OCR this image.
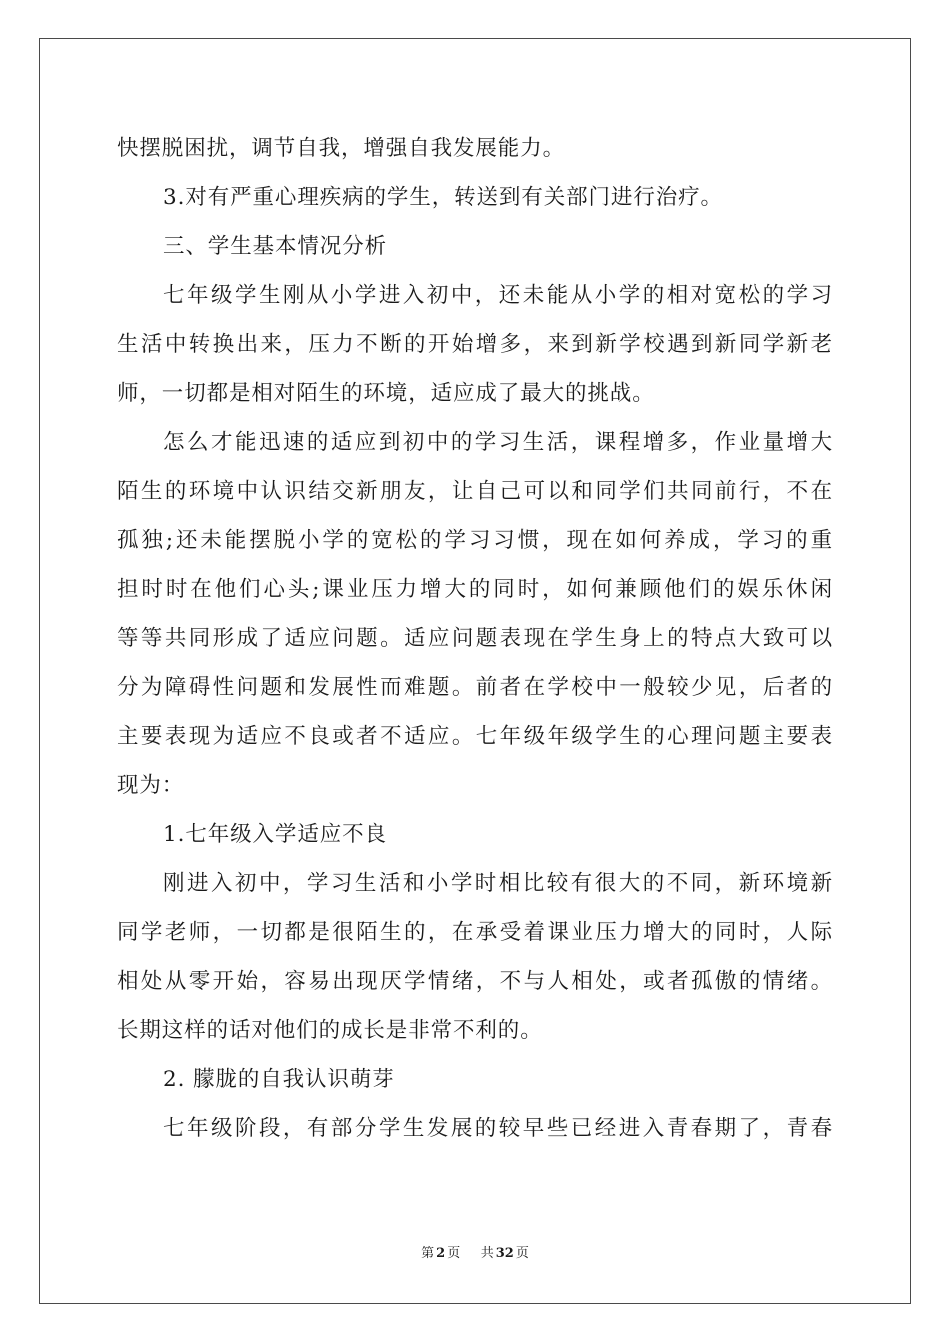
快摆脱困扰，调节自我，增强自我发展能力。
3.对有严重心理疾病的学生，转送到有关部门进行治疗。
三、学生基本情况分析
七年级学生刚从小学进入初中，还未能从小学的相对宽松的学习
生活中转换出来，压力不断的开始增多，来到新学校遇到新同学新老
师，一切都是相对陌生的环境，适应成了最大的挑战。
怎么才能迅速的适应到初中的学习生活，课程增多，作业量增大
陌生的环境中认识结交新朋友，让自己可以和同学们共同前行，不在
孤独;还未能摆脱小学的宽松的学习习惯，现在如何养成，学习的重
担时时在他们心头;课业压力增大的同时，如何兼顾他们的娱乐休闲
等等共同形成了适应问题。适应问题表现在学生身上的特点大致可以
分为障碍性问题和发展性而难题。前者在学校中一般较少见，后者的
主要表现为适应不良或者不适应。七年级年级学生的心理问题主要表
现为：
1.七年级入学适应不良
刚进入初中，学习生活和小学时相比较有很大的不同，新环境新
同学老师，一切都是很陌生的，在承受着课业压力增大的同时，人际
相处从零开始，容易出现厌学情绪，不与人相处，或者孤傲的情绪。
长期这样的话对他们的成长是非常不利的。
2. 朦胧的自我认识萌芽
七年级阶段，有部分学生发展的较早些已经进入青春期了，青春
第 2 页 共 32 页
